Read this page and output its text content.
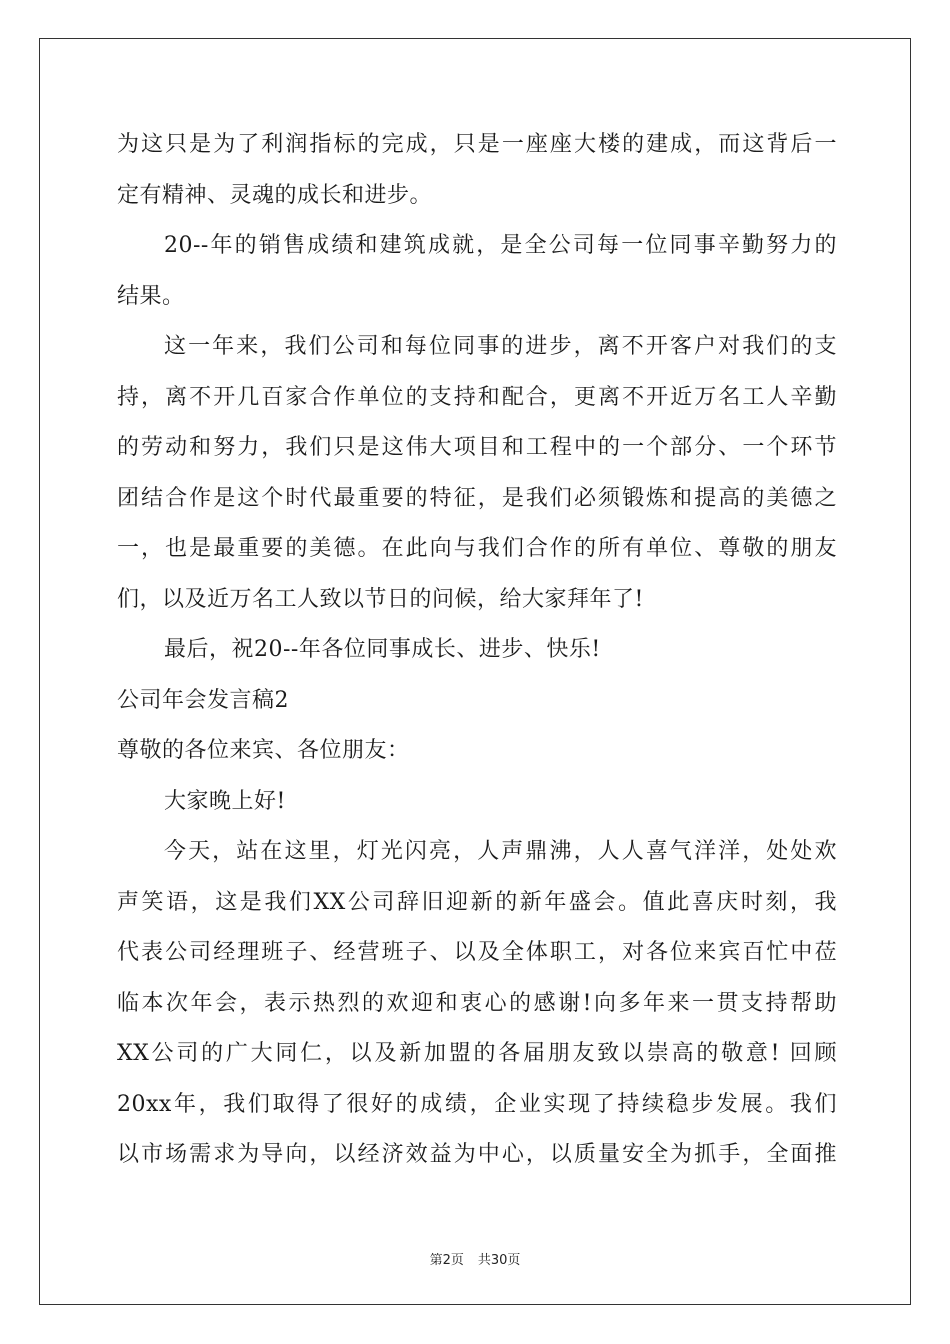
为这只是为了利润指标的完成，只是一座座大楼的建成，而这背后一
定有精神、灵魂的成长和进步。
20--年的销售成绩和建筑成就，是全公司每一位同事辛勤努力的
结果。
这一年来，我们公司和每位同事的进步，离不开客户对我们的支
持，离不开几百家合作单位的支持和配合，更离不开近万名工人辛勤
的劳动和努力，我们只是这伟大项目和工程中的一个部分、一个环节
团结合作是这个时代最重要的特征，是我们必须锻炼和提高的美德之
一，也是最重要的美德。在此向与我们合作的所有单位、尊敬的朋友
们，以及近万名工人致以节日的问候，给大家拜年了!
最后，祝20--年各位同事成长、进步、快乐!
公司年会发言稿2
尊敬的各位来宾、各位朋友：
大家晚上好!
今天，站在这里，灯光闪亮，人声鼎沸，人人喜气洋洋，处处欢
声笑语，这是我们XX公司辞旧迎新的新年盛会。值此喜庆时刻，我
代表公司经理班子、经营班子、以及全体职工，对各位来宾百忙中莅
临本次年会，表示热烈的欢迎和衷心的感谢!向多年来一贯支持帮助
XX公司的广大同仁，以及新加盟的各届朋友致以崇高的敬意! 回顾
20xx年，我们取得了很好的成绩，企业实现了持续稳步发展。我们
以市场需求为导向，以经济效益为中心，以质量安全为抓手，全面推
第2页 共30页
